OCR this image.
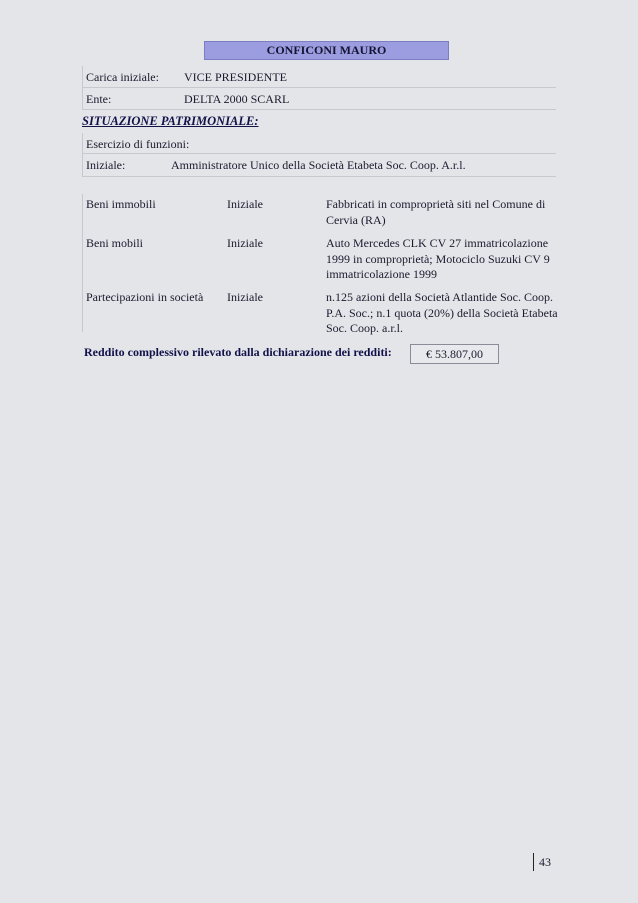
CONFICONI MAURO
Carica iniziale: VICE PRESIDENTE
Ente:	DELTA 2000 SCARL
SITUAZIONE PATRIMONIALE:
Esercizio di funzioni:
Iniziale:	Amministratore Unico della Società Etabeta Soc. Coop. A.r.l.
Beni immobili	Iniziale	Fabbricati in comproprietà siti nel Comune di
Cervia (RA)
Beni mobili	Iniziale	Auto Mercedes CLK CV 27 immatricolazione
1999 in comproprietà; Motociclo Suzuki CV 9
immatricolazione 1999
Partecipazioni in società Iniziale	n.125 azioni della Società Atlantide Soc. Coop.
P.A. Soc.; n.1 quota (20%) della Società Etabeta
Soc. Coop. a.r.l.
Reddito complessivo rilevato dalla dichiarazione dei redditi:	€ 53.807,00
43
